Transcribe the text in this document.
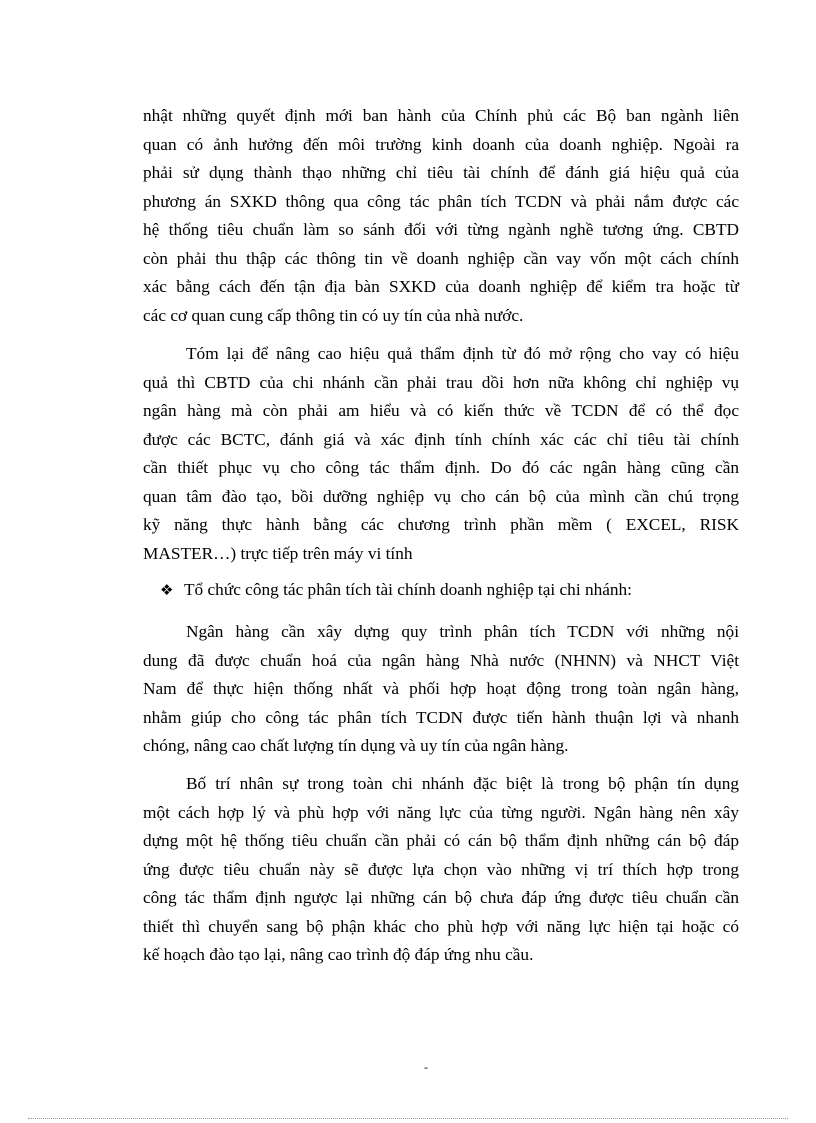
nhật những quyết định mới ban hành của Chính phủ các Bộ ban ngành liên
quan có ảnh hưởng đến môi trường kinh doanh của doanh nghiệp. Ngoài ra
phải sử dụng thành thạo những chỉ tiêu tài chính để đánh giá hiệu quả của
phương án SXKD thông qua công tác phân tích TCDN và phải nắm được các
hệ thống tiêu chuẩn làm so sánh đối với từng ngành nghề tương ứng. CBTD
còn phải thu thập các thông tin về doanh nghiệp cần vay vốn một cách chính
xác bằng cách đến tận địa bàn SXKD của doanh nghiệp để kiểm tra hoặc từ
các cơ quan cung cấp thông tin có uy tín của nhà nước.
Tóm lại để nâng cao hiệu quả thẩm định từ đó mở rộng cho vay có hiệu
quả thì CBTD của chi nhánh cần phải trau dồi hơn nữa không chỉ nghiệp vụ
ngân hàng mà còn phải am hiểu và có kiến thức về TCDN để có thể đọc
được các BCTC, đánh giá và xác định tính chính xác các chỉ tiêu tài chính
cần thiết phục vụ cho công tác thẩm định. Do đó các ngân hàng cũng cần
quan tâm đào tạo, bồi dưỡng nghiệp vụ cho cán bộ của mình cần chú trọng
kỹ năng thực hành bằng các chương trình phần mềm ( EXCEL, RISK
MASTER…) trực tiếp trên máy vi tính
❖ Tổ chức công tác phân tích tài chính doanh nghiệp tại chi nhánh:
Ngân hàng cần xây dựng quy trình phân tích TCDN với những nội
dung đã được chuẩn hoá của ngân hàng Nhà nước (NHNN) và NHCT Việt
Nam để thực hiện thống nhất và phối hợp hoạt động trong toàn ngân hàng,
nhằm giúp cho công tác phân tích TCDN được tiến hành thuận lợi và nhanh
chóng, nâng cao chất lượng tín dụng và uy tín của ngân hàng.
Bố trí nhân sự trong toàn chi nhánh đặc biệt là trong bộ phận tín dụng
một cách hợp lý và phù hợp với năng lực của từng người. Ngân hàng nên xây
dựng một hệ thống tiêu chuẩn cần phải có cán bộ thẩm định những cán bộ đáp
ứng được tiêu chuẩn này sẽ được lựa chọn vào những vị trí thích hợp trong
công tác thẩm định ngược lại những cán bộ chưa đáp ứng được tiêu chuẩn cần
thiết thì chuyển sang bộ phận khác cho phù hợp với năng lực hiện tại hoặc có
kế hoạch đào tạo lại, nâng cao trình độ đáp ứng nhu cầu.
-
